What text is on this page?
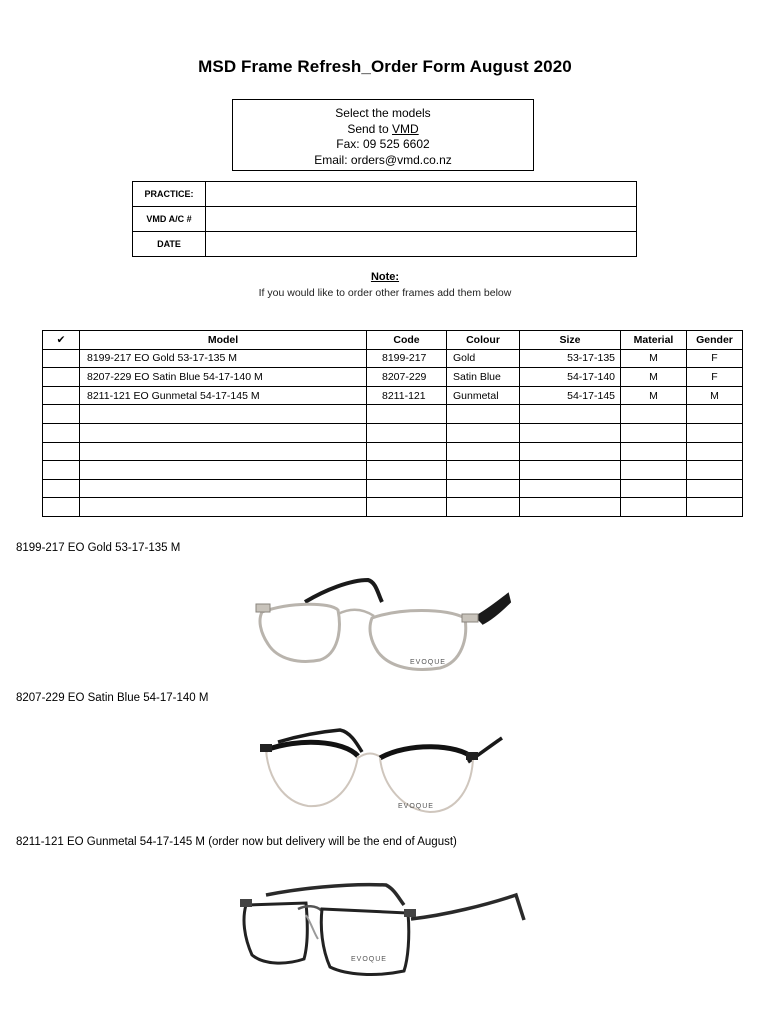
MSD Frame Refresh_Order Form August 2020
Select the models
Send to VMD
Fax: 09 525 6602
Email: orders@vmd.co.nz
PRACTICE:	
VMD A/C #	
DATE	
Note:
If you would like to order other frames add them below
✔	Model	Code	Colour	Size	Material	Gender
	8199-217 EO Gold 53-17-135 M	8199-217	Gold	53-17-135	M	F
	8207-229 EO Satin Blue 54-17-140 M	8207-229	Satin Blue	54-17-140	M	F
	8211-121 EO Gunmetal 54-17-145 M	8211-121	Gunmetal	54-17-145	M	M

8199-217 EO Gold 53-17-135 M
EVOQUE
8207-229 EO Satin Blue 54-17-140 M
EVOQUE
8211-121 EO Gunmetal 54-17-145 M (order now but delivery will be the end of August)
EVOQUE
